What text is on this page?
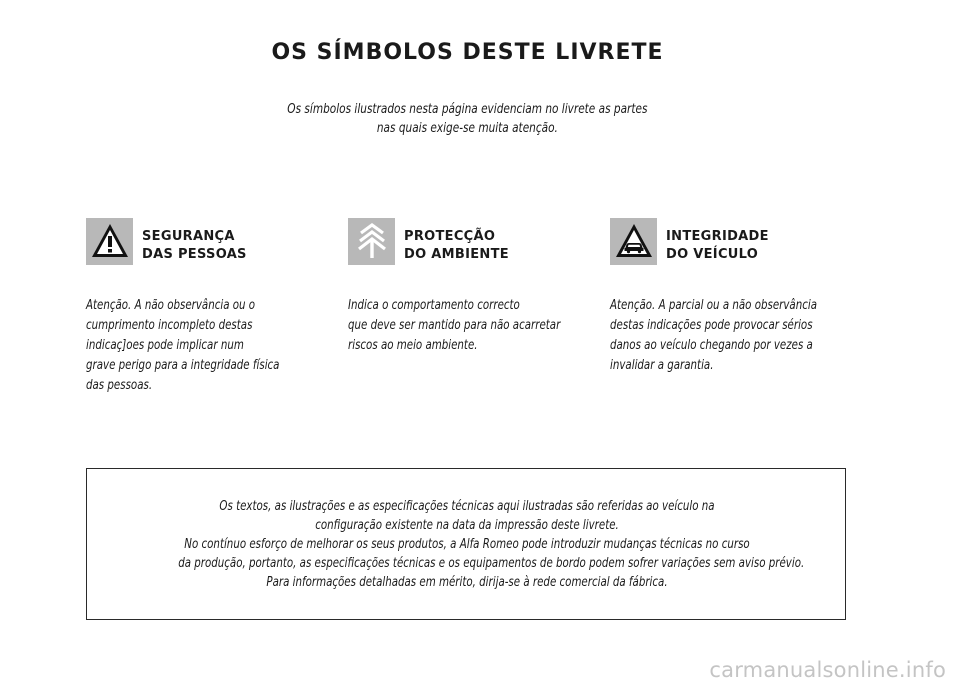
OS SÍMBOLOS DESTE LIVRETE
Os símbolos ilustrados nesta página evidenciam no livrete as partes
nas quais exige-se muita atenção.
SEGURANÇA
DAS PESSOAS
Atenção. A não observância ou o
cumprimento incompleto destas
indicaç]oes pode implicar num
grave perigo para a integridade física
das pessoas.
PROTECÇÃO
DO AMBIENTE
Indica o comportamento correcto
que deve ser mantido para não acarretar
riscos ao meio ambiente.
INTEGRIDADE
DO VEÍCULO
Atenção. A parcial ou a não observância
destas indicações pode provocar sérios
danos ao veículo chegando por vezes a
invalidar a garantia.
Os textos, as ilustrações e as especificações técnicas aqui ilustradas são referidas ao veículo na
configuração existente na data da impressão deste livrete.
No contínuo esforço de melhorar os seus produtos, a Alfa Romeo pode introduzir mudanças técnicas no curso
da produção, portanto, as especificações técnicas e os equipamentos de bordo podem sofrer variações sem aviso prévio.
Para informações detalhadas em mérito, dirija-se à rede comercial da fábrica.
carmanualsonline.info
